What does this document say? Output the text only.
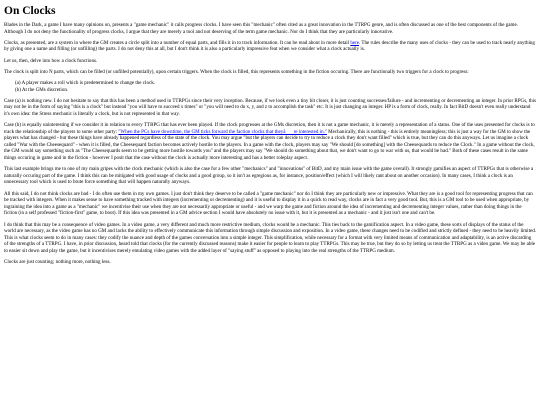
On Clocks

Blades in the Dark, a game I have many opinions on, presents a "game mechanic" it calls progress clocks. I have seen this "mechanic" often cited as a great innovation in the TTRPG genre, and is often discussed as one of the best components of the game. Although I do not deny the functionality of progress clocks, I argue that they are merely a tool and not deserving of the term game mechanic. Nor do I think that they are particularly innovative.

Clocks, as presented, are a system in where the GM creates a circle split into a number of equal parts, and fills it in to track information. It can be read about in more detail here. The rules describe the many uses of clocks - they can be used to track nearly anything by giving one a name and filling (or unfilling) the parts. I do not deny this at all, but I don't think it is also a particularly impressive feat when we consider what a clock actually is.

Let us, then, delve into how a clock functions.

The clock is split into N parts, which can be filled (or unfilled potentially), upon certain triggers. When the clock is filled, this represents something in the fiction occuring. There are functionally two triggers for a clock to progress:

(a) A player makes a roll which is predetermined to change the clock.
(b) At the GMs discretion.

Case (a) is nothing new. I do not hesitate to say that this has been a method used in TTRPGs since their very inception. Because, if we look even a tiny bit closer, it is just counting successes/failure - and incrementing or decrementing an integer. In prior RPGs, this may not be in the form of saying "this is a clock" but instead "you will have to succeed x times" or "you will need to do x, y, and z to accomplish the task" etc. It is just changing an integer. HP is a form of clock, really. In fact BitD doesn't even really understand it's own idea: the Stress mechanic is literally a clock, but is not represented in that way.

Case (b) is equally uninteresting if we consider it in relation to every TTRPG that has ever been played. If the clock progresses at the GMs discretion, then it is not a game mechanic, it is merely a representation of a status. One of the uses presented for clocks is to track the relationship of the players to some other party: "When the PCs have downtime, the GM ticks forward the faction clocks that theyâre interested in." Mechanically, this is nothing - this is entirely meaningless; this is just a way for the GM to show the players what has changed - but these things have already happened regardless of the state of the clock. You may argue "but the players can decide to try to reduce a clock they don't want filled" which is true, but they can do this anyways. Let us imagine a clock called "War with the Cheesequard" - when it is filled, the Cheesequard faction becomes actively hostile to the players. In a game with the clock, players may say "We should [do something] with the Cheesequards to reduce the Clock." In a game without the clock, the GM would say something such as "The Cheesequards seem to be getting more hostile towards you" and the players may say "We should do something about that, we don't want to go to war with us, that would be bad." Both of these cases result in the same things occuring in game and in the fiction - however I posit that the case without the clock is actually more interesting and has a better roleplay aspect.

This last example brings me to one of my main gripes with the clock mechanic (which is also the case for a few other "mechanics" and "innovations" of BitD, and my main issue with the game overall). It strongly gamifies an aspect of TTRPGs that is otherwise a naturally occuring part of the game. I think this can be mitigated with good usage of clocks and a good group, so it isn't as egregious as, for instance, position/effect (which I will likely rant about on another occasion). In many cases, I think a clock is an unnecessary tool which is used to brute force something that will happen naturally anyways.

All this said, I do not think clocks are bad - I do often use them in my own games. I just don't think they deserve to be called a "game mechanic" nor do I think they are particularly new or impressive. What they are is a good tool for representing progress that can be tracked with integers. When it makes sense to have something tracked with integers (incrementing or decrementing) and it is useful to display it in a quick to read way, clocks are in fact a very good tool. But, this is a GM tool to be used when appropriate, by ingraining the idea into a game as a "mechanic" we incentivise their use when they are not necessarily appropriate or useful - and we warp the game and fiction around the idea of incrementing and decrementing integer values, rather than doing things in the fiction (in a self professed "fiction-first" game, to boot). If this idea was presented in a GM advice section I would have absolutely no issue with it, but it is presented as a mechanic - and it just isn't one and can't be.

I do think that this may be a consequence of video games. In a video game, a very different and much more restrictive medium, clocks would be a mechanic. This ties back to the gamification aspect. In a video game, these sorts of displays of the status of the world are necessary, as the video game has no GM and lacks the ability to effectively communicate this information through simple discussion and exposition. In a video game, these changes need to be codified and strictly defined - they need to be heavily limited. This is what clocks seem to do in many cases: they codify the nuance and depth of the games conversation into a simple integer. This simplification, while necessary for a format with very limited means of communication and adaptability, is an active discarding of the strengths of a TTRPG. I have, in prior discussion, heard told that clocks (for the currently discussed reasons) make it easier for people to learn to play TTRPGs. This may be true, but they do so by letting us treat the TTRPG as a video game. We may be able to easier sit down and play the game, but it incentivises merely emulating video games with the added layer of "saying stuff" as opposed to playing into the real strengths of the TTRPG medium.

Clocks are just counting; nothing more, nothing less.
